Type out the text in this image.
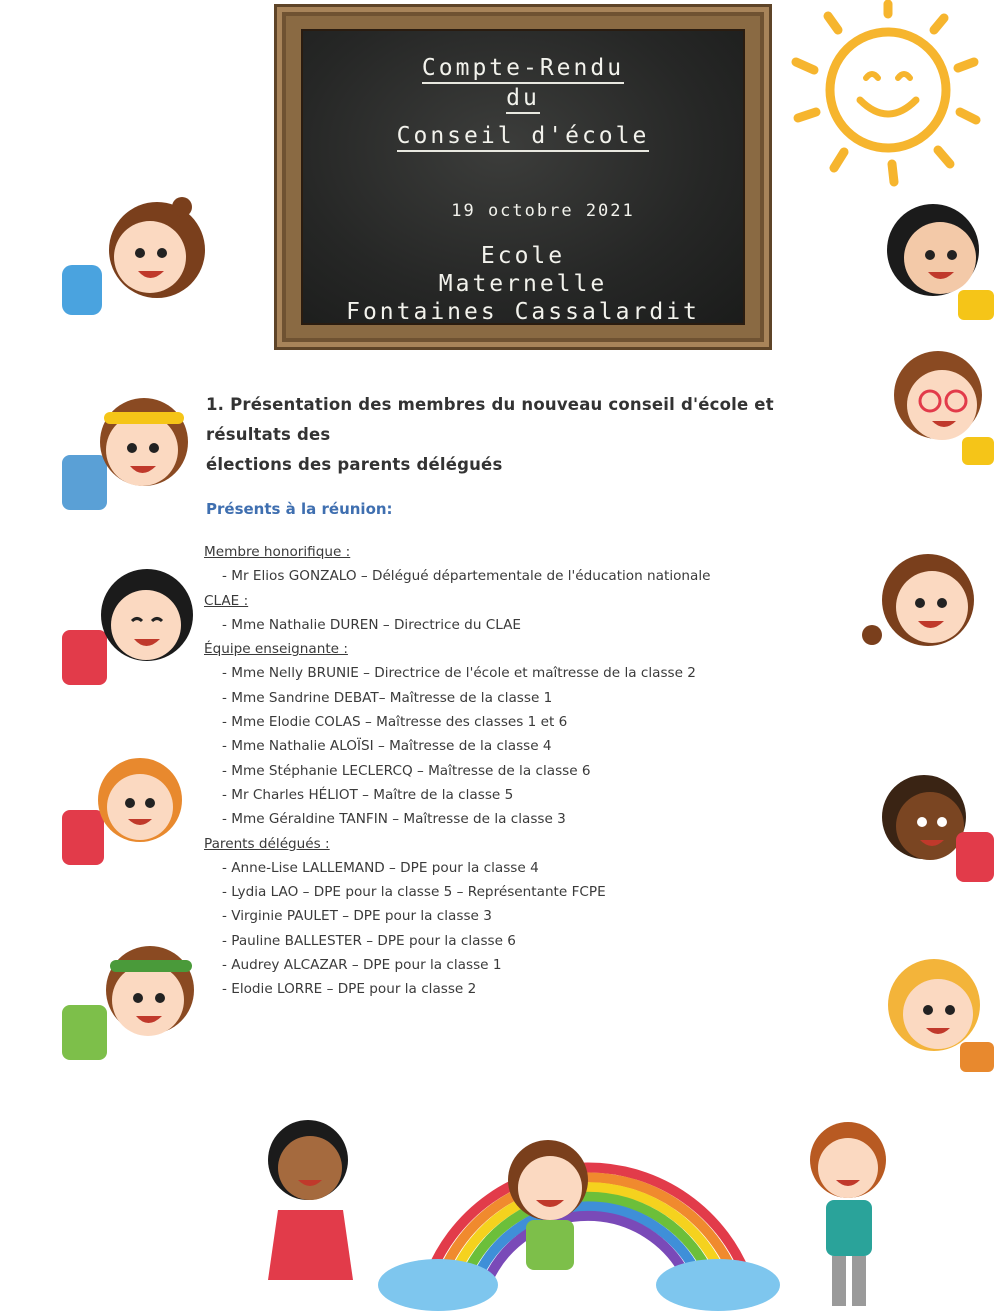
Compte-Rendu
du
Conseil d'école
19 octobre 2021
Ecole
Maternelle
Fontaines Cassalardit
1. Présentation des membres du nouveau conseil d'école et résultats des
élections des parents délégués
Présents à la réunion:
Membre honorifique :
- Mr Elios GONZALO – Délégué départementale de l'éducation nationale
CLAE :
- Mme Nathalie DUREN – Directrice du CLAE
Équipe enseignante :
- Mme Nelly BRUNIE – Directrice de l'école et maîtresse de la classe 2
- Mme Sandrine DEBAT– Maîtresse de la classe 1
- Mme Elodie COLAS – Maîtresse des classes 1 et 6
- Mme Nathalie ALOÏSI – Maîtresse de la classe 4
- Mme Stéphanie LECLERCQ – Maîtresse de la classe 6
- Mr Charles HÉLIOT – Maître de la classe 5
- Mme Géraldine TANFIN – Maîtresse de la classe 3
Parents délégués :
- Anne-Lise LALLEMAND – DPE pour la classe 4
- Lydia LAO – DPE pour la classe 5 – Représentante FCPE
- Virginie PAULET – DPE pour la classe 3
- Pauline BALLESTER – DPE pour la classe 6
- Audrey ALCAZAR – DPE pour la classe 1
- Elodie LORRE – DPE pour la classe 2
